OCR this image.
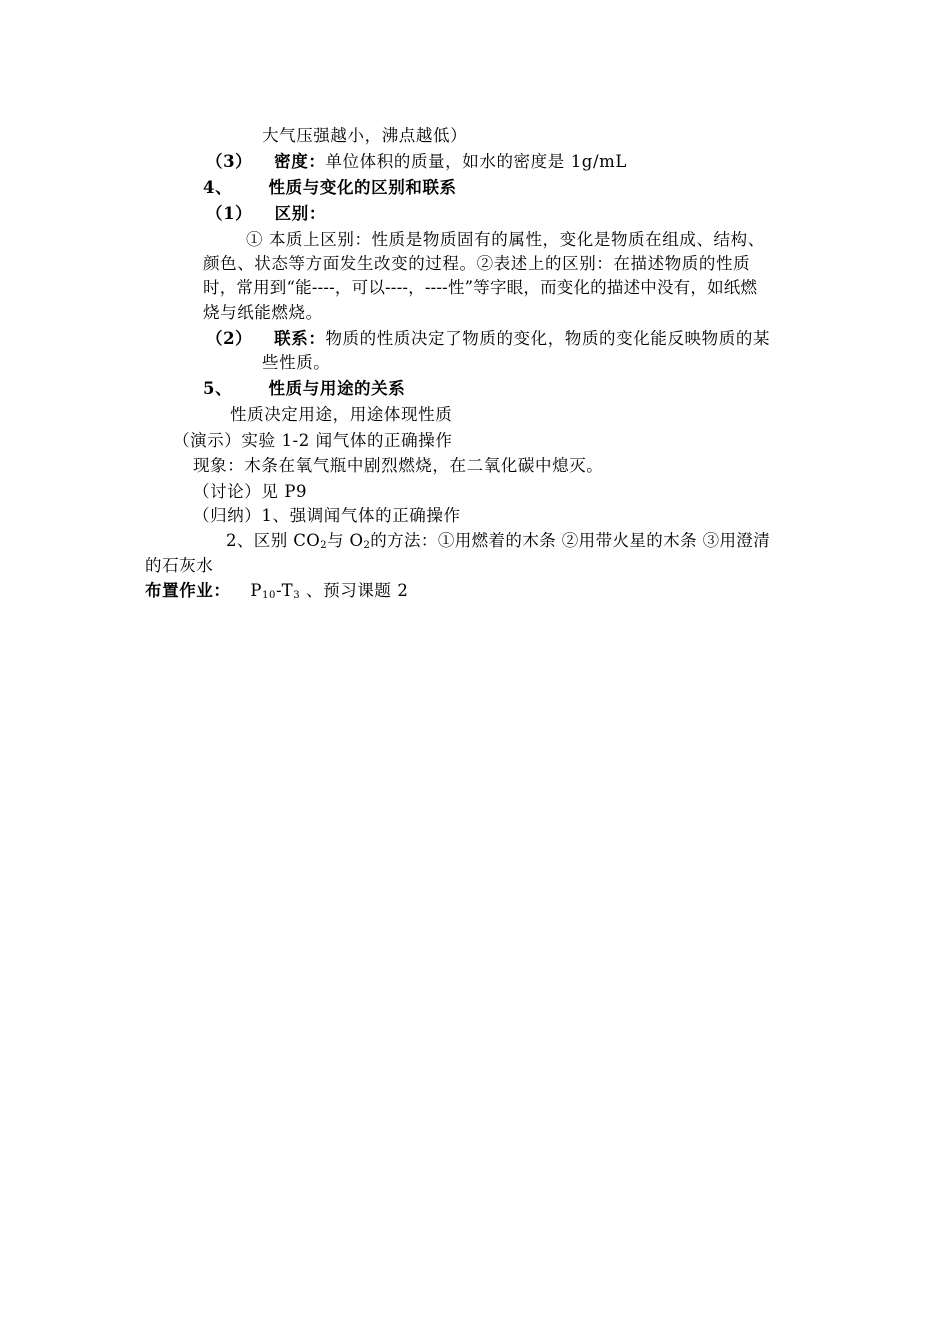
大气压强越小，沸点越低）
（3） 密度：单位体积的质量，如水的密度是 1g/mL
4、 性质与变化的区别和联系
（1） 区别：
① 本质上区别：性质是物质固有的属性，变化是物质在组成、结构、
颜色、状态等方面发生改变的过程。②表述上的区别：在描述物质的性质
时，常用到“能----，可以----，----性”等字眼，而变化的描述中没有，如纸燃
烧与纸能燃烧。
（2） 联系：物质的性质决定了物质的变化，物质的变化能反映物质的某
些性质。
5、 性质与用途的关系
性质决定用途，用途体现性质
（演示）实验 1-2 闻气体的正确操作
现象：木条在氧气瓶中剧烈燃烧，在二氧化碳中熄灭。
（讨论）见 P9
（归纳）1、强调闻气体的正确操作
2、区别 $CO_2$与 $O_2$的方法：①用燃着的木条 ②用带火星的木条 ③用澄清
的石灰水
布置作业： $P_{10}-T_3$ 、预习课题 2
